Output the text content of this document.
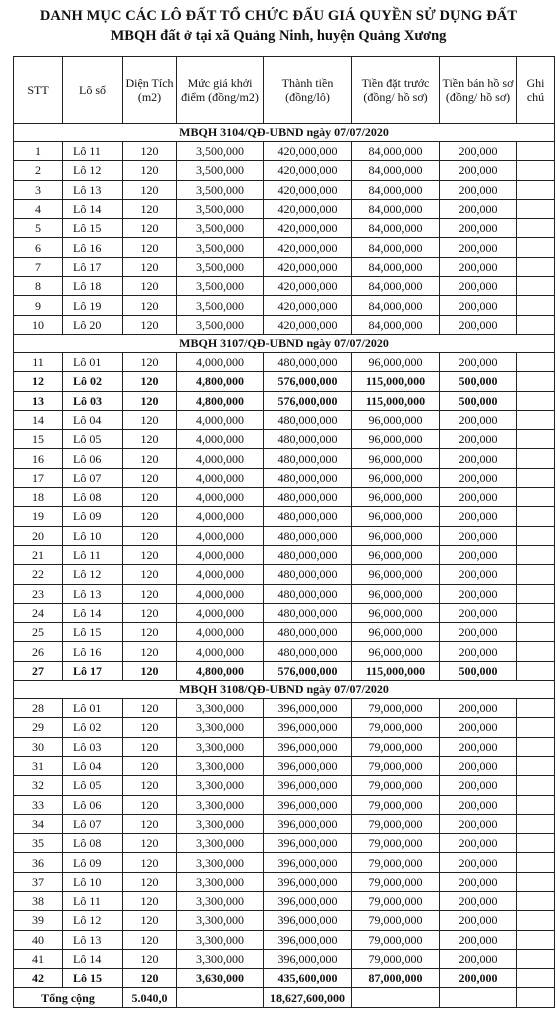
DANH MỤC CÁC LÔ ĐẤT TỔ CHỨC ĐẤU GIÁ QUYỀN SỬ DỤNG ĐẤT
MBQH đất ở tại xã Quảng Ninh, huyện Quảng Xương
STT	Lô số	Diện Tích (m2)	Mức giá khởi điểm (đồng/m2)	Thành tiền (đồng/lô)	Tiền đặt trước (đồng/ hồ sơ)	Tiền bán hồ sơ (đồng/ hồ sơ)	Ghi chú
MBQH 3104/QĐ-UBND ngày 07/07/2020							
1	Lô 11	120	3,500,000	420,000,000	84,000,000	200,000	
2	Lô 12	120	3,500,000	420,000,000	84,000,000	200,000	
3	Lô 13	120	3,500,000	420,000,000	84,000,000	200,000	
4	Lô 14	120	3,500,000	420,000,000	84,000,000	200,000	
5	Lô 15	120	3,500,000	420,000,000	84,000,000	200,000	
6	Lô 16	120	3,500,000	420,000,000	84,000,000	200,000	
7	Lô 17	120	3,500,000	420,000,000	84,000,000	200,000	
8	Lô 18	120	3,500,000	420,000,000	84,000,000	200,000	
9	Lô 19	120	3,500,000	420,000,000	84,000,000	200,000	
10	Lô 20	120	3,500,000	420,000,000	84,000,000	200,000	
MBQH 3107/QĐ-UBND ngày 07/07/2020							
11	Lô 01	120	4,000,000	480,000,000	96,000,000	200,000	
12	Lô 02	120	4,800,000	576,000,000	115,000,000	500,000	
13	Lô 03	120	4,800,000	576,000,000	115,000,000	500,000	
14	Lô 04	120	4,000,000	480,000,000	96,000,000	200,000	
15	Lô 05	120	4,000,000	480,000,000	96,000,000	200,000	
16	Lô 06	120	4,000,000	480,000,000	96,000,000	200,000	
17	Lô 07	120	4,000,000	480,000,000	96,000,000	200,000	
18	Lô 08	120	4,000,000	480,000,000	96,000,000	200,000	
19	Lô 09	120	4,000,000	480,000,000	96,000,000	200,000	
20	Lô 10	120	4,000,000	480,000,000	96,000,000	200,000	
21	Lô 11	120	4,000,000	480,000,000	96,000,000	200,000	
22	Lô 12	120	4,000,000	480,000,000	96,000,000	200,000	
23	Lô 13	120	4,000,000	480,000,000	96,000,000	200,000	
24	Lô 14	120	4,000,000	480,000,000	96,000,000	200,000	
25	Lô 15	120	4,000,000	480,000,000	96,000,000	200,000	
26	Lô 16	120	4,000,000	480,000,000	96,000,000	200,000	
27	Lô 17	120	4,800,000	576,000,000	115,000,000	500,000	
MBQH 3108/QĐ-UBND ngày 07/07/2020							
28	Lô 01	120	3,300,000	396,000,000	79,000,000	200,000	
29	Lô 02	120	3,300,000	396,000,000	79,000,000	200,000	
30	Lô 03	120	3,300,000	396,000,000	79,000,000	200,000	
31	Lô 04	120	3,300,000	396,000,000	79,000,000	200,000	
32	Lô 05	120	3,300,000	396,000,000	79,000,000	200,000	
33	Lô 06	120	3,300,000	396,000,000	79,000,000	200,000	
34	Lô 07	120	3,300,000	396,000,000	79,000,000	200,000	
35	Lô 08	120	3,300,000	396,000,000	79,000,000	200,000	
36	Lô 09	120	3,300,000	396,000,000	79,000,000	200,000	
37	Lô 10	120	3,300,000	396,000,000	79,000,000	200,000	
38	Lô 11	120	3,300,000	396,000,000	79,000,000	200,000	
39	Lô 12	120	3,300,000	396,000,000	79,000,000	200,000	
40	Lô 13	120	3,300,000	396,000,000	79,000,000	200,000	
41	Lô 14	120	3,300,000	396,000,000	79,000,000	200,000	
42	Lô 15	120	3,630,000	435,600,000	87,000,000	200,000	
Tổng cộng		5.040,0		18,627,600,000			
